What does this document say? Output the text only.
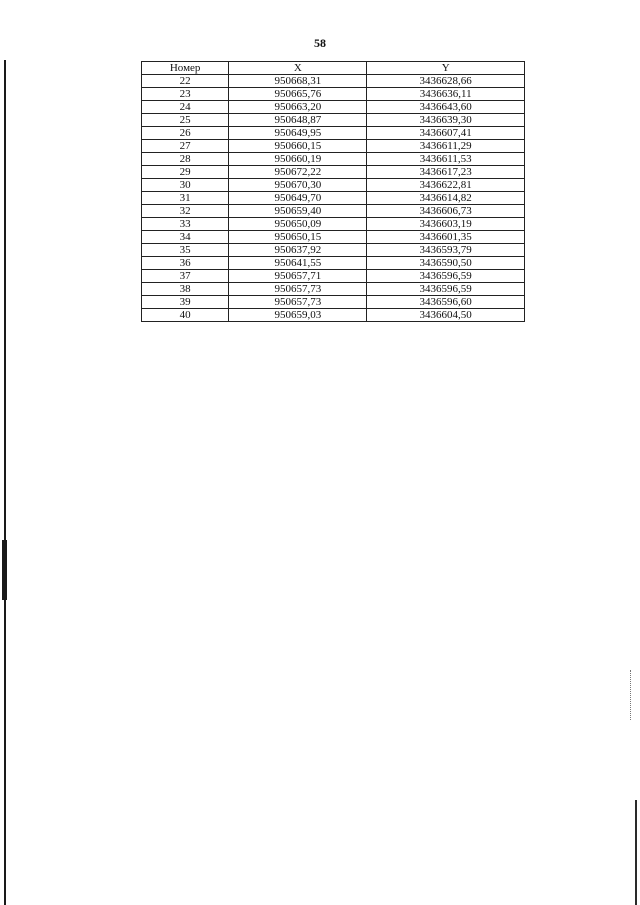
58
Номер	X	Y
22	950668,31	3436628,66
23	950665,76	3436636,11
24	950663,20	3436643,60
25	950648,87	3436639,30
26	950649,95	3436607,41
27	950660,15	3436611,29
28	950660,19	3436611,53
29	950672,22	3436617,23
30	950670,30	3436622,81
31	950649,70	3436614,82
32	950659,40	3436606,73
33	950650,09	3436603,19
34	950650,15	3436601,35
35	950637,92	3436593,79
36	950641,55	3436590,50
37	950657,71	3436596,59
38	950657,73	3436596,59
39	950657,73	3436596,60
40	950659,03	3436604,50
